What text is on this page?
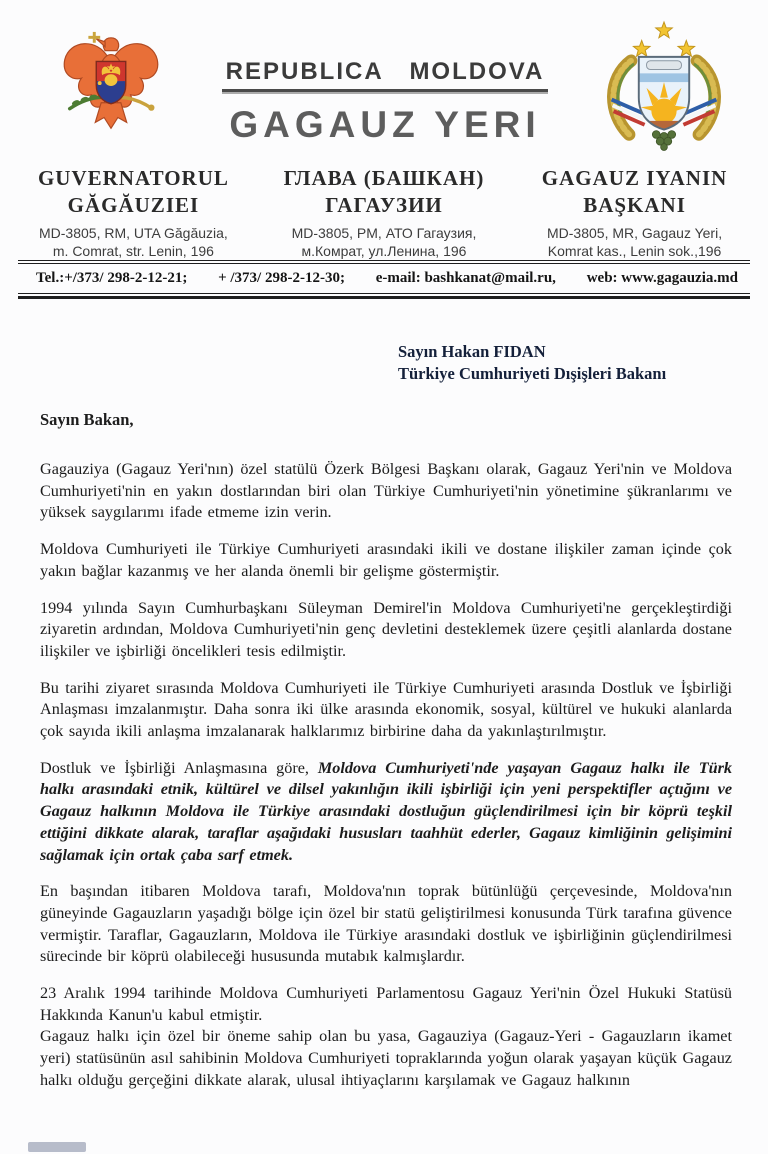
REPUBLICA MOLDOVA
GAGAUZ YERI
GUVERNATORUL
GĂGĂUZIEI
MD-3805, RM, UTA Găgăuzia,
m. Comrat, str. Lenin, 196
ГЛАВА (БАШКАН)
ГАГАУЗИИ
MD-3805, PM, АТО Гагаузия,
м.Комрат, ул.Ленина, 196
GAGAUZ IYANIN
BAŞKANI
MD-3805, MR, Gagauz Yeri,
Komrat kas., Lenin sok.,196
Tel.:+/373/ 298-2-12-21; + /373/ 298-2-12-30; e-mail: bashkanat@mail.ru, web: www.gagauzia.md
Sayın Hakan FIDAN
Türkiye Cumhuriyeti Dışişleri Bakanı
Sayın Bakan,

Gagauziya (Gagauz Yeri'nın) özel statülü Özerk Bölgesi Başkanı olarak, Gagauz Yeri'nin ve Moldova Cumhuriyeti'nin en yakın dostlarından biri olan Türkiye Cumhuriyeti'nin yönetimine şükranlarımı ve yüksek saygılarımı ifade etmeme izin verin.

Moldova Cumhuriyeti ile Türkiye Cumhuriyeti arasındaki ikili ve dostane ilişkiler zaman içinde çok yakın bağlar kazanmış ve her alanda önemli bir gelişme göstermiştir.

1994 yılında Sayın Cumhurbaşkanı Süleyman Demirel'in Moldova Cumhuriyeti'ne gerçekleştirdiği ziyaretin ardından, Moldova Cumhuriyeti'nin genç devletini desteklemek üzere çeşitli alanlarda dostane ilişkiler ve işbirliği öncelikleri tesis edilmiştir.

Bu tarihi ziyaret sırasında Moldova Cumhuriyeti ile Türkiye Cumhuriyeti arasında Dostluk ve İşbirliği Anlaşması imzalanmıştır. Daha sonra iki ülke arasında ekonomik, sosyal, kültürel ve hukuki alanlarda çok sayıda ikili anlaşma imzalanarak halklarımız birbirine daha da yakınlaştırılmıştır.

Dostluk ve İşbirliği Anlaşmasına göre, Moldova Cumhuriyeti'nde yaşayan Gagauz halkı ile Türk halkı arasındaki etnik, kültürel ve dilsel yakınlığın ikili işbirliği için yeni perspektifler açtığını ve Gagauz halkının Moldova ile Türkiye arasındaki dostluğun güçlendirilmesi için bir köprü teşkil ettiğini dikkate alarak, taraflar aşağıdaki hususları taahhüt ederler, Gagauz kimliğinin gelişimini sağlamak için ortak çaba sarf etmek.

En başından itibaren Moldova tarafı, Moldova'nın toprak bütünlüğü çerçevesinde, Moldova'nın güneyinde Gagauzların yaşadığı bölge için özel bir statü geliştirilmesi konusunda Türk tarafına güvence vermiştir. Taraflar, Gagauzların, Moldova ile Türkiye arasındaki dostluk ve işbirliğinin güçlendirilmesi sürecinde bir köprü olabileceği hususunda mutabık kalmışlardır.

23 Aralık 1994 tarihinde Moldova Cumhuriyeti Parlamentosu Gagauz Yeri'nin Özel Hukuki Statüsü Hakkında Kanun'u kabul etmiştir.

Gagauz halkı için özel bir öneme sahip olan bu yasa, Gagauziya (Gagauz-Yeri - Gagauzların ikamet yeri) statüsünün asıl sahibinin Moldova Cumhuriyeti topraklarında yoğun olarak yaşayan küçük Gagauz halkı olduğu gerçeğini dikkate alarak, ulusal ihtiyaçlarını karşılamak ve Gagauz halkının
